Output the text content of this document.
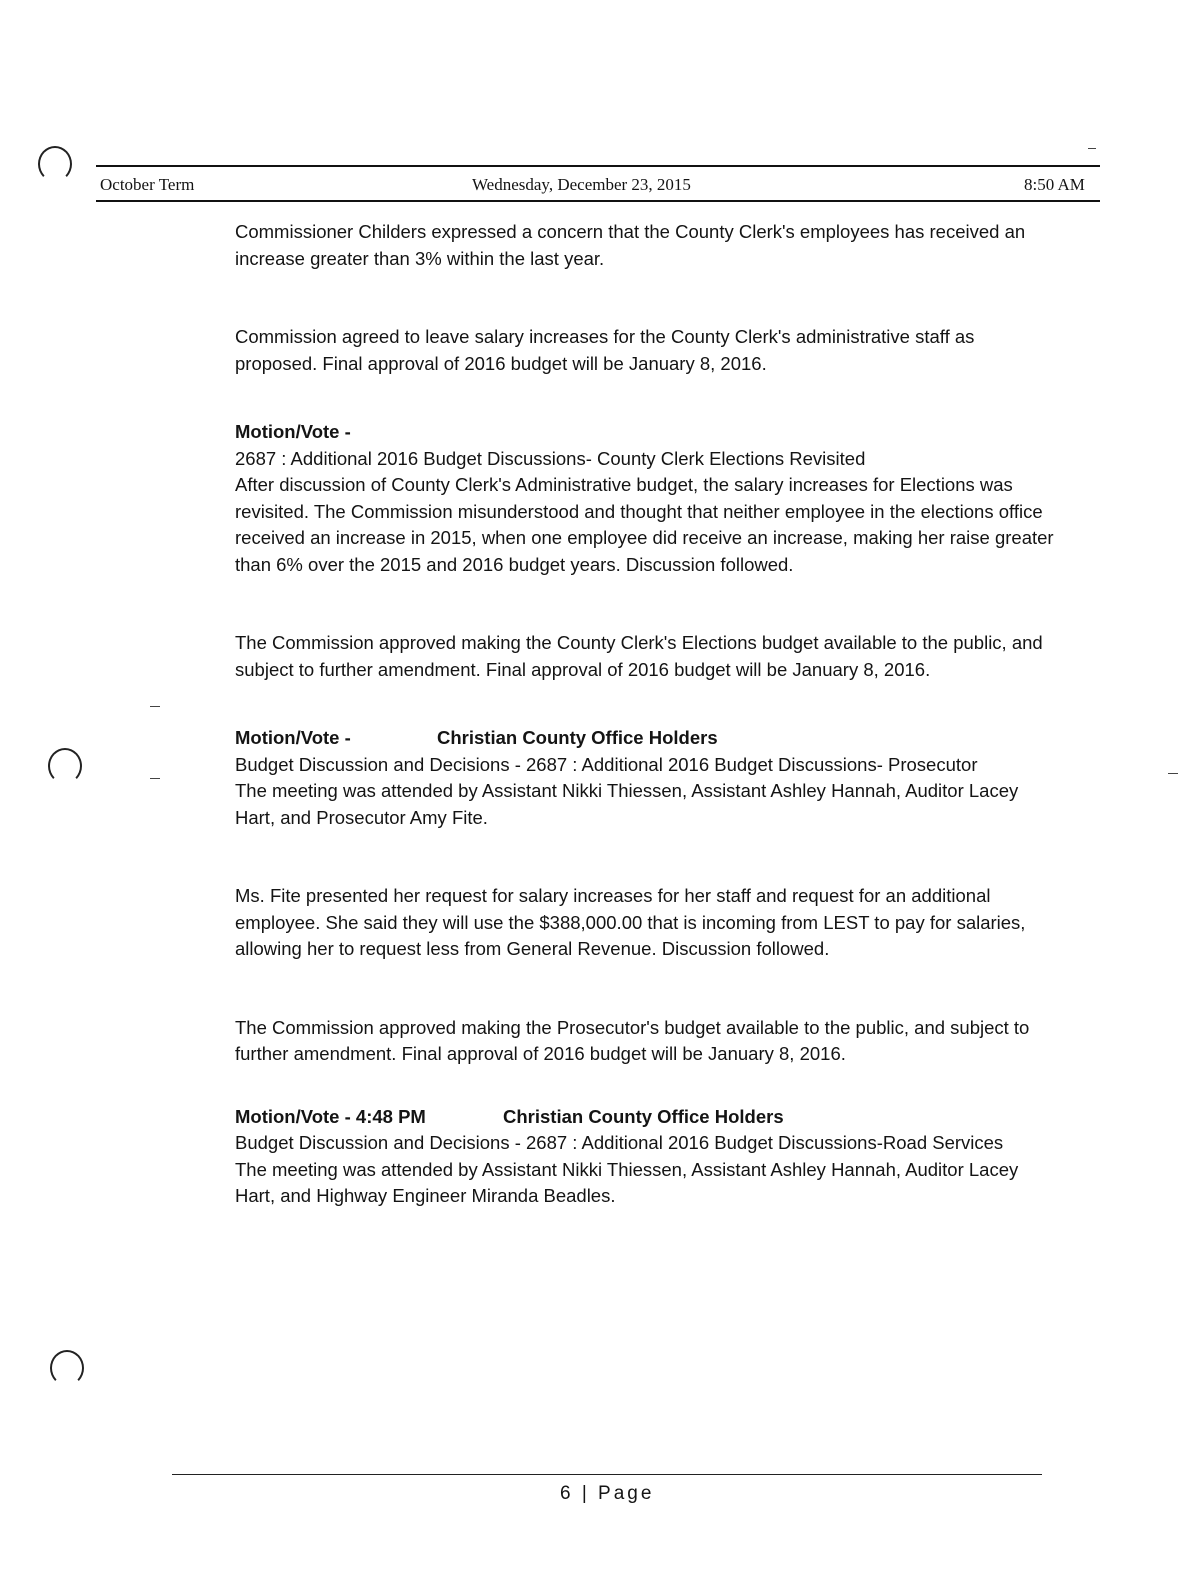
October Term	Wednesday, December 23, 2015	8:50 AM

Commissioner Childers expressed a concern that the County Clerk's employees has received an increase greater than 3% within the last year.

Commission agreed to leave salary increases for the County Clerk's administrative staff as proposed. Final approval of 2016 budget will be January 8, 2016.

Motion/Vote -

2687 : Additional 2016 Budget Discussions- County Clerk Elections Revisited

After discussion of County Clerk's Administrative budget, the salary increases for Elections was revisited. The Commission misunderstood and thought that neither employee in the elections office received an increase in 2015, when one employee did receive an increase, making her raise greater than 6% over the 2015 and 2016 budget years. Discussion followed.

The Commission approved making the County Clerk's Elections budget available to the public, and subject to further amendment. Final approval of 2016 budget will be January 8, 2016.

Motion/Vote -	Christian County Office Holders

Budget Discussion and Decisions - 2687 : Additional 2016 Budget Discussions- Prosecutor

The meeting was attended by Assistant Nikki Thiessen, Assistant Ashley Hannah, Auditor Lacey Hart, and Prosecutor Amy Fite.

Ms. Fite presented her request for salary increases for her staff and request for an additional employee. She said they will use the $388,000.00 that is incoming from LEST to pay for salaries, allowing her to request less from General Revenue. Discussion followed.

The Commission approved making the Prosecutor's budget available to the public, and subject to further amendment. Final approval of 2016 budget will be January 8, 2016.

Motion/Vote - 4:48 PM	Christian County Office Holders

Budget Discussion and Decisions - 2687 : Additional 2016 Budget Discussions-Road Services

The meeting was attended by Assistant Nikki Thiessen, Assistant Ashley Hannah, Auditor Lacey Hart, and Highway Engineer Miranda Beadles.

6 | Page
